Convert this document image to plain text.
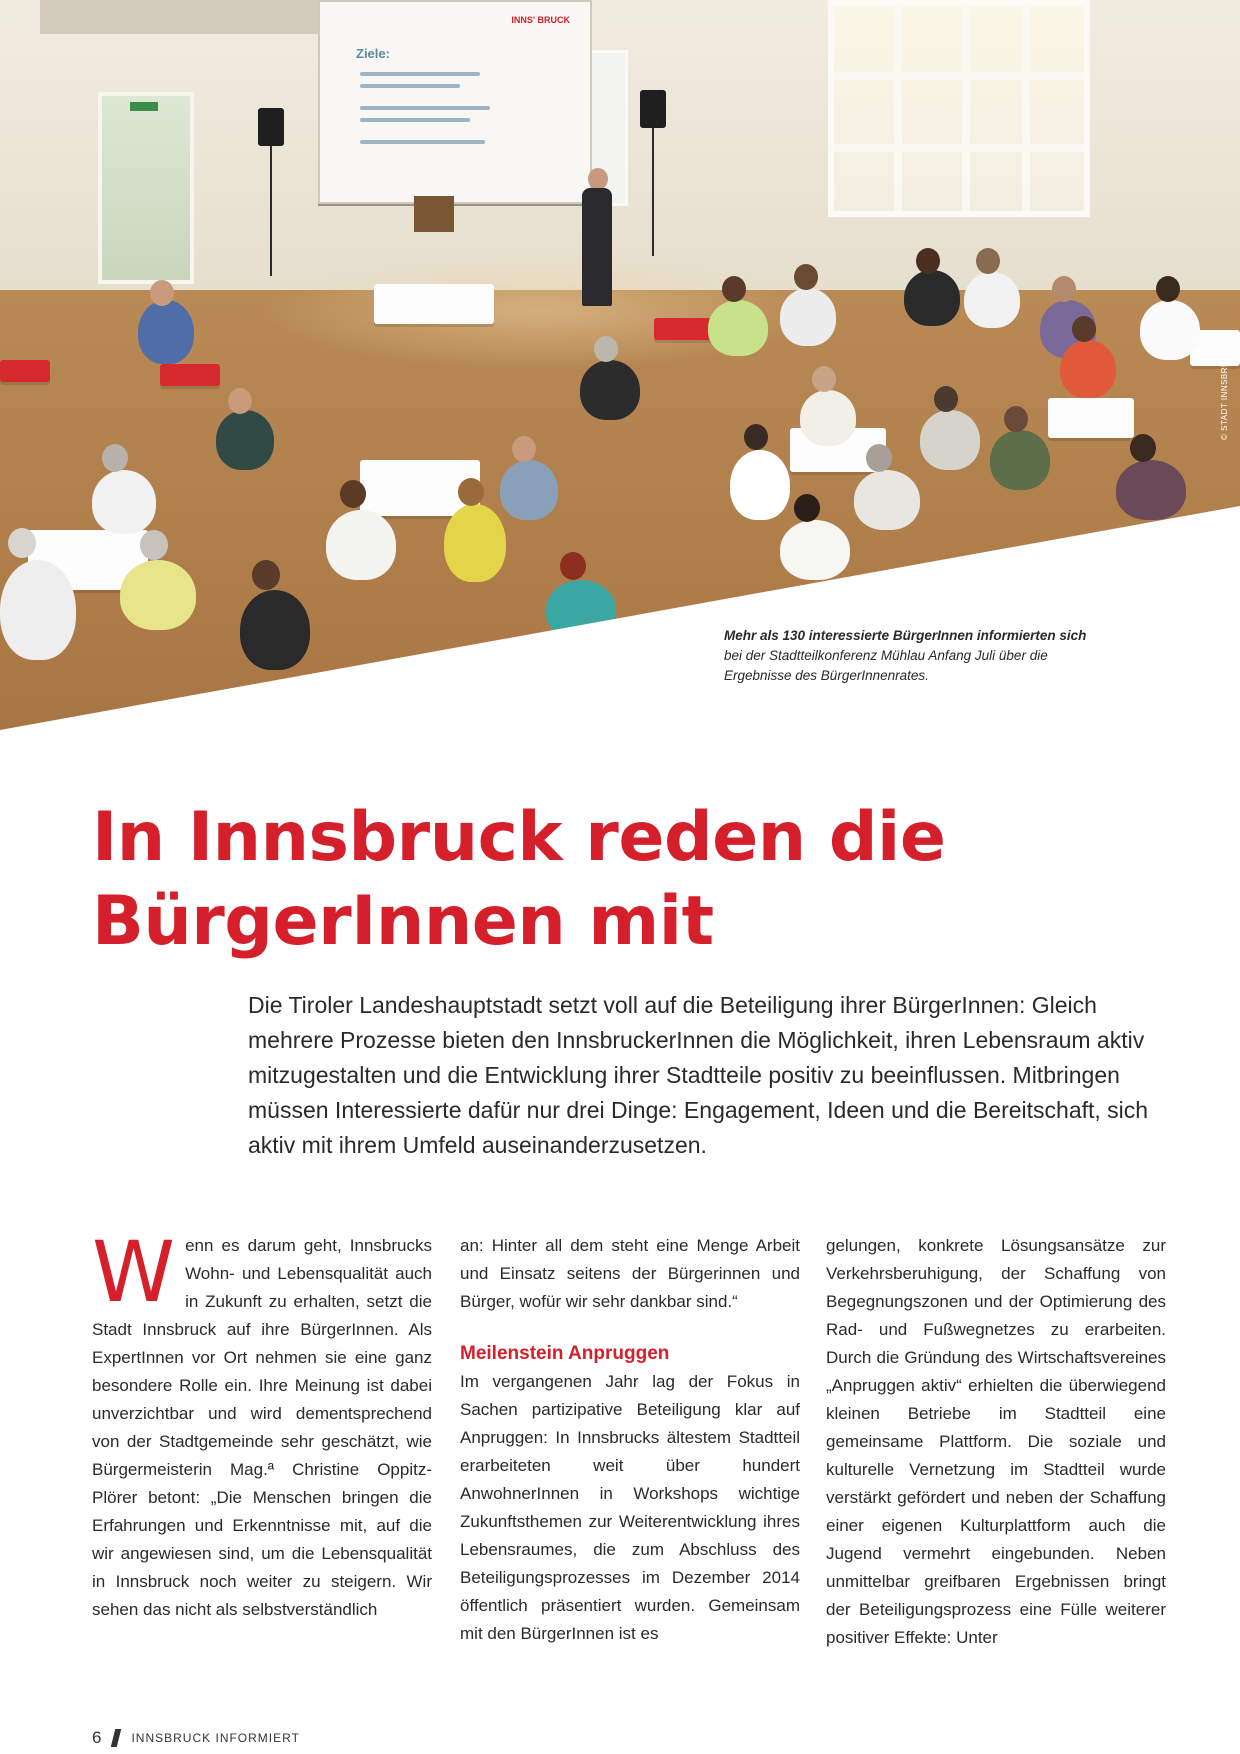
Ziele:
INNS' BRUCK
© STADT INNSBRUCK
Mehr als 130 interessierte BürgerInnen informierten sich bei der Stadtteilkonferenz Mühlau Anfang Juli über die Ergebnisse des BürgerInnenrates.
In Innsbruck reden die
BürgerInnen mit

Die Tiroler Landeshauptstadt setzt voll auf die Beteiligung ihrer BürgerInnen: Gleich mehrere Prozesse bieten den InnsbruckerInnen die Möglichkeit, ihren Lebensraum aktiv mitzugestalten und die Entwicklung ihrer Stadtteile positiv zu beeinflussen. Mitbringen müssen Interessierte dafür nur drei Dinge: Engagement, Ideen und die Bereitschaft, sich aktiv mit ihrem Umfeld auseinanderzusetzen.

Wenn es darum geht, Innsbrucks Wohn- und Lebensqualität auch in Zukunft zu erhalten, setzt die Stadt Innsbruck auf ihre BürgerInnen. Als ExpertInnen vor Ort nehmen sie eine ganz besondere Rolle ein. Ihre Meinung ist dabei unverzichtbar und wird dementsprechend von der Stadtgemeinde sehr geschätzt, wie Bürgermeisterin Mag.ª Christine Oppitz-Plörer betont: „Die Menschen bringen die Erfahrungen und Erkenntnisse mit, auf die wir angewiesen sind, um die Lebensqualität in Innsbruck noch weiter zu steigern. Wir sehen das nicht als selbstverständlich
an: Hinter all dem steht eine Menge Arbeit und Einsatz seitens der Bürgerinnen und Bürger, wofür wir sehr dankbar sind.“
Meilenstein Anpruggen
Im vergangenen Jahr lag der Fokus in Sachen partizipative Beteiligung klar auf Anpruggen: In Innsbrucks ältestem Stadtteil erarbeiteten weit über hundert AnwohnerInnen in Workshops wichtige Zukunftsthemen zur Weiterentwicklung ihres Lebensraumes, die zum Abschluss des Beteiligungsprozesses im Dezember 2014 öffentlich präsentiert wurden. Gemeinsam mit den BürgerInnen ist es
gelungen, konkrete Lösungsansätze zur Verkehrsberuhigung, der Schaffung von Begegnungszonen und der Optimierung des Rad- und Fußwegnetzes zu erarbeiten. Durch die Gründung des Wirtschaftsvereines „Anpruggen aktiv“ erhielten die überwiegend kleinen Betriebe im Stadtteil eine gemeinsame Plattform. Die soziale und kulturelle Vernetzung im Stadtteil wurde verstärkt gefördert und neben der Schaffung einer eigenen Kulturplattform auch die Jugend vermehrt eingebunden. Neben unmittelbar greifbaren Ergebnissen bringt der Beteiligungsprozess eine Fülle weiterer positiver Effekte: Unter
6	INNSBRUCK INFORMIERT
